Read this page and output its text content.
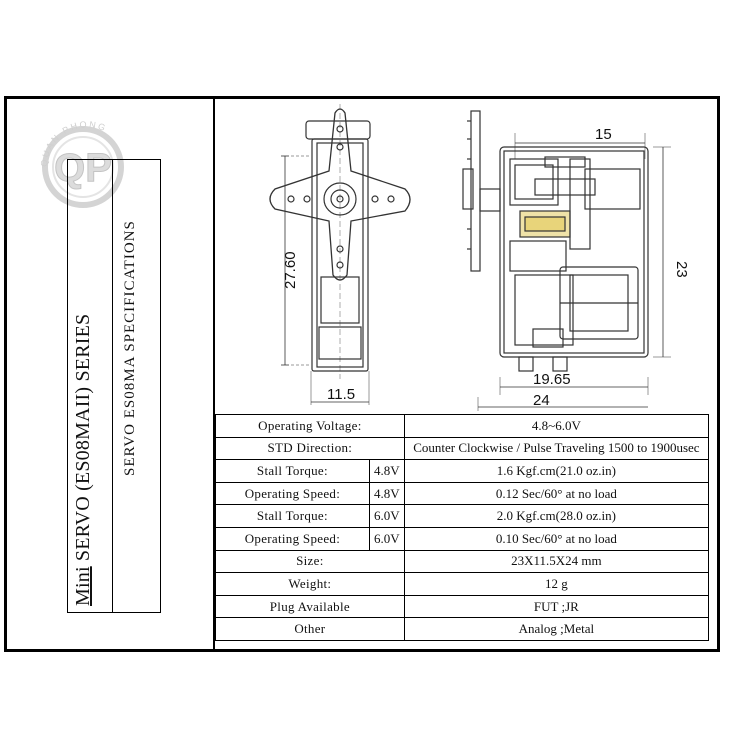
QUAN PHONG
QP
Mini SERVO (ES08MAII) SERIES SERVO ES08MA SPECIFICATIONS	27.60
11.5
15
23
19.65
24
Operating Voltage:		4.8~6.0V
STD Direction:		Counter Clockwise / Pulse Traveling 1500 to 1900usec
Stall Torque:	4.8V	1.6 Kgf.cm(21.0 oz.in)
Operating Speed:	4.8V	0.12 Sec/60° at no load
Stall Torque:	6.0V	2.0 Kgf.cm(28.0 oz.in)
Operating Speed:	6.0V	0.10 Sec/60° at no load
Size:		23X11.5X24 mm
Weight:		12 g
Plug Available		FUT ;JR
Other		Analog ;Metal
